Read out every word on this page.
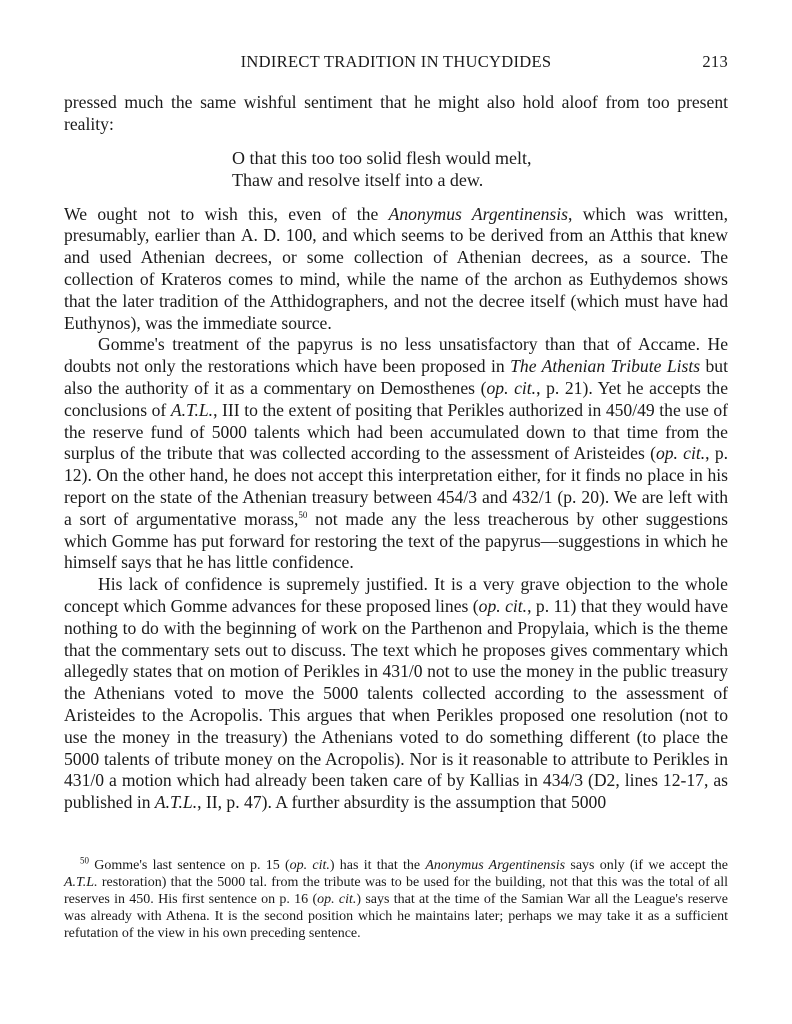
INDIRECT TRADITION IN THUCYDIDES	213

pressed much the same wishful sentiment that he might also hold aloof from too present reality:

O that this too too solid flesh would melt,
Thaw and resolve itself into a dew.

We ought not to wish this, even of the Anonymus Argentinensis, which was written, presumably, earlier than A. D. 100, and which seems to be derived from an Atthis that knew and used Athenian decrees, or some collection of Athenian decrees, as a source. The collection of Krateros comes to mind, while the name of the archon as Euthydemos shows that the later tradition of the Atthidographers, and not the decree itself (which must have had Euthynos), was the immediate source.

Gomme's treatment of the papyrus is no less unsatisfactory than that of Accame. He doubts not only the restorations which have been proposed in The Athenian Tribute Lists but also the authority of it as a commentary on Demosthenes (op. cit., p. 21). Yet he accepts the conclusions of A.T.L., III to the extent of positing that Perikles authorized in 450/49 the use of the reserve fund of 5000 talents which had been accumulated down to that time from the surplus of the tribute that was collected according to the assessment of Aristeides (op. cit., p. 12). On the other hand, he does not accept this interpretation either, for it finds no place in his report on the state of the Athenian treasury between 454/3 and 432/1 (p. 20). We are left with a sort of argumentative morass,$^{50}$ not made any the less treacherous by other suggestions which Gomme has put forward for restoring the text of the papyrus—suggestions in which he himself says that he has little confidence.

His lack of confidence is supremely justified. It is a very grave objection to the whole concept which Gomme advances for these proposed lines (op. cit., p. 11) that they would have nothing to do with the beginning of work on the Parthenon and Propylaia, which is the theme that the commentary sets out to discuss. The text which he proposes gives commentary which allegedly states that on motion of Perikles in 431/0 not to use the money in the public treasury the Athenians voted to move the 5000 talents collected according to the assessment of Aristeides to the Acropolis. This argues that when Perikles proposed one resolution (not to use the money in the treasury) the Athenians voted to do something different (to place the 5000 talents of tribute money on the Acropolis). Nor is it reasonable to attribute to Perikles in 431/0 a motion which had already been taken care of by Kallias in 434/3 (D2, lines 12-17, as published in A.T.L., II, p. 47). A further absurdity is the assumption that 5000

$^{50}$ Gomme's last sentence on p. 15 (op. cit.) has it that the Anonymus Argentinensis says only (if we accept the A.T.L. restoration) that the 5000 tal. from the tribute was to be used for the building, not that this was the total of all reserves in 450. His first sentence on p. 16 (op. cit.) says that at the time of the Samian War all the League's reserve was already with Athena. It is the second position which he maintains later; perhaps we may take it as a sufficient refutation of the view in his own preceding sentence.
